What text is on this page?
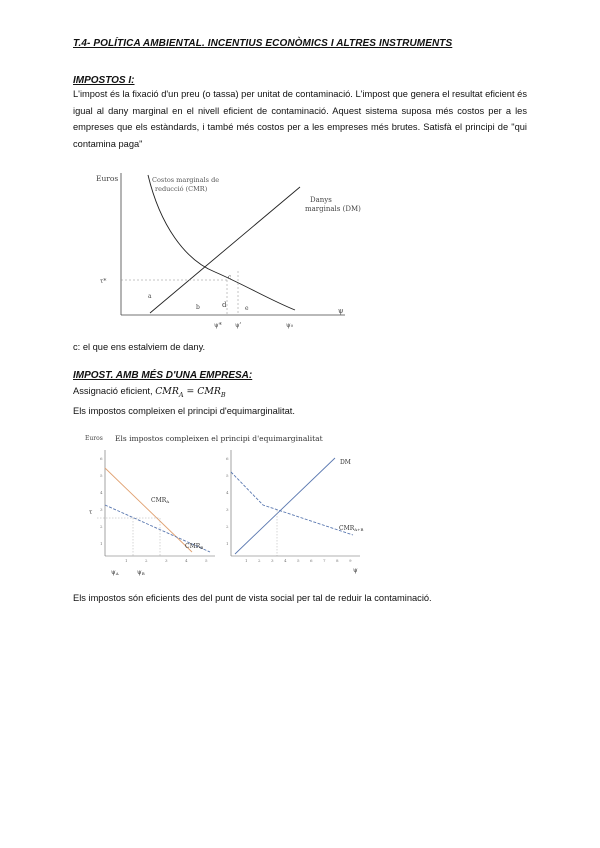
T.4- POLÍTICA AMBIENTAL. INCENTIUS ECONÒMICS I ALTRES INSTRUMENTS
IMPOSTOS I:
L'impost és la fixació d'un preu (o tassa) per unitat de contaminació. L'impost que genera el resultat eficient és igual al dany marginal en el nivell eficient de contaminació. Aquest sistema suposa més costos per a les empreses que els estàndards, i també més costos per a les empreses més brutes. Satisfà el principi de "qui contamina paga"
Euros	Costos marginals de
reducció (CMR)
Danys
marginals (DM)
τ*
a
b
c
d	e
ψ* ψ'	ψ₀
ψ
c: el que ens estalviem de dany.
IMPOST. AMB MÉS D'UNA EMPRESA:
Assignació eficient, $CMR_A = CMR_B$
Els impostos compleixen el principi d'equimarginalitat.
Euros Els impostos compleixen el principi d'equimarginalitat
6
5
4
3
2
1
1	2	3	4	5
τ
CMRA
CMRB
ψA	ψB
6
5
4
3
2
1
1	2	3	4	5	6	7	8	9
DM
CMRA+B
ψ
Els impostos són eficients des del punt de vista social per tal de reduir la contaminació.
